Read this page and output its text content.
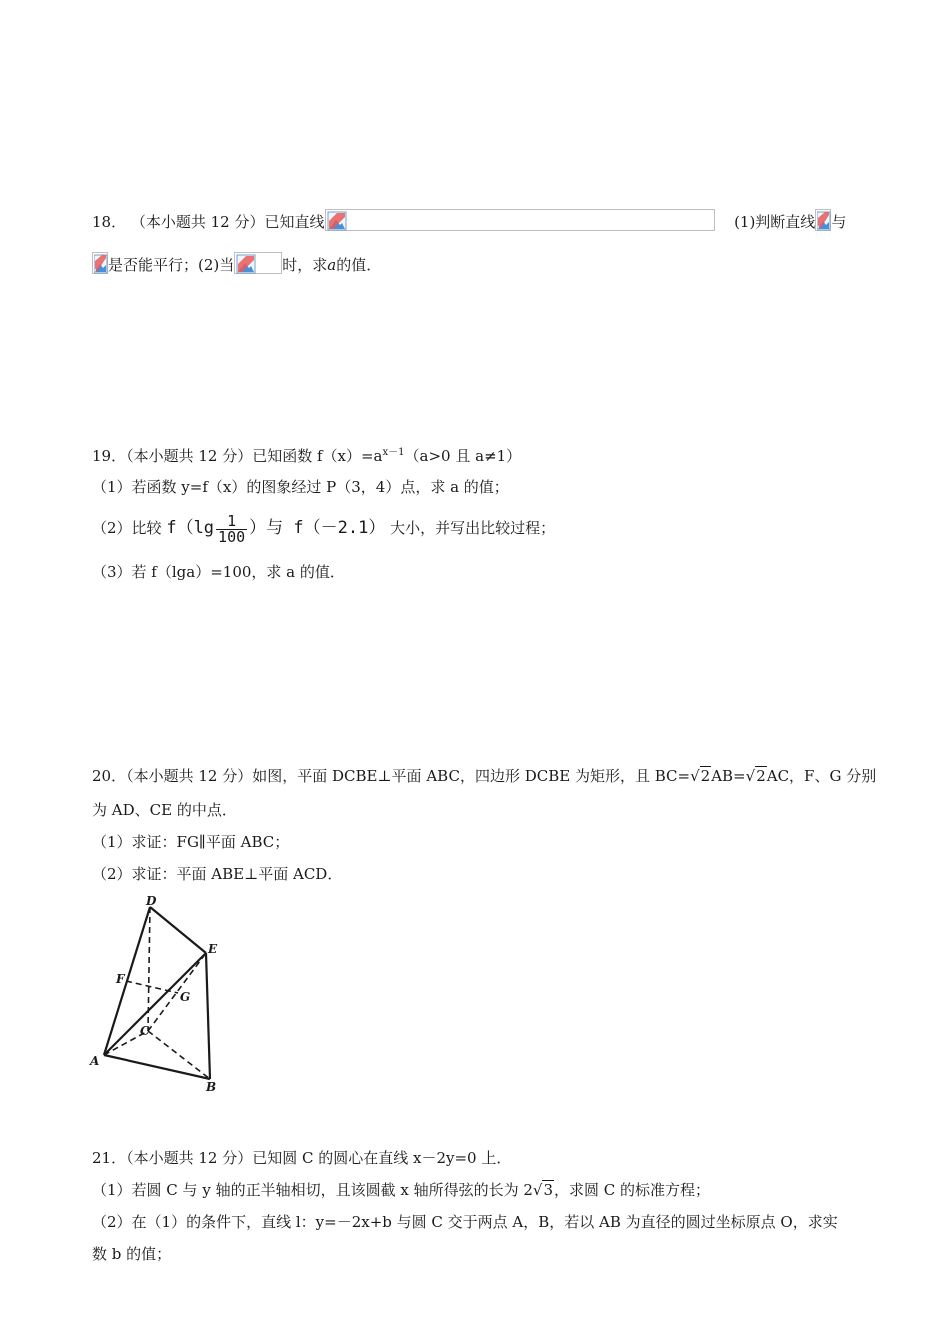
18． （本小题共 12 分）已知直线	(1)判断直线 与
是否能平行；(2)当	时，求a的值．
19．（本小题共 12 分）已知函数 $f(x)=a^{x-1}(a>0$ 且 a≠1）
（1）若函数 y=f（x）的图象经过 P（3，4）点，求 a 的值；
（2）比较 $f(\lg \frac{1}{100}$ ）与 f（－2.1） 大小，并写出比较过程；
（3）若 f（lga）=100，求 a 的值．
20．（本小题共 12 分）如图，平面 DCBE⊥平面 ABC，四边形 DCBE 为矩形，且 BC=√2AB=√2AC，F、G 分别
为 AD、CE 的中点．
（1）求证：FG∥平面 ABC；
（2）求证：平面 ABE⊥平面 ACD．
D
E
F
G
C
A
B
21．（本小题共 12 分）已知圆 C 的圆心在直线 x－2y=0 上．
（1）若圆 C 与 y 轴的正半轴相切，且该圆截 x 轴所得弦的长为 2√3，求圆 C 的标准方程；
（2）在（1）的条件下，直线 l：y=－2x+b 与圆 C 交于两点 A，B，若以 AB 为直径的圆过坐标原点 O，求实
数 b 的值；
